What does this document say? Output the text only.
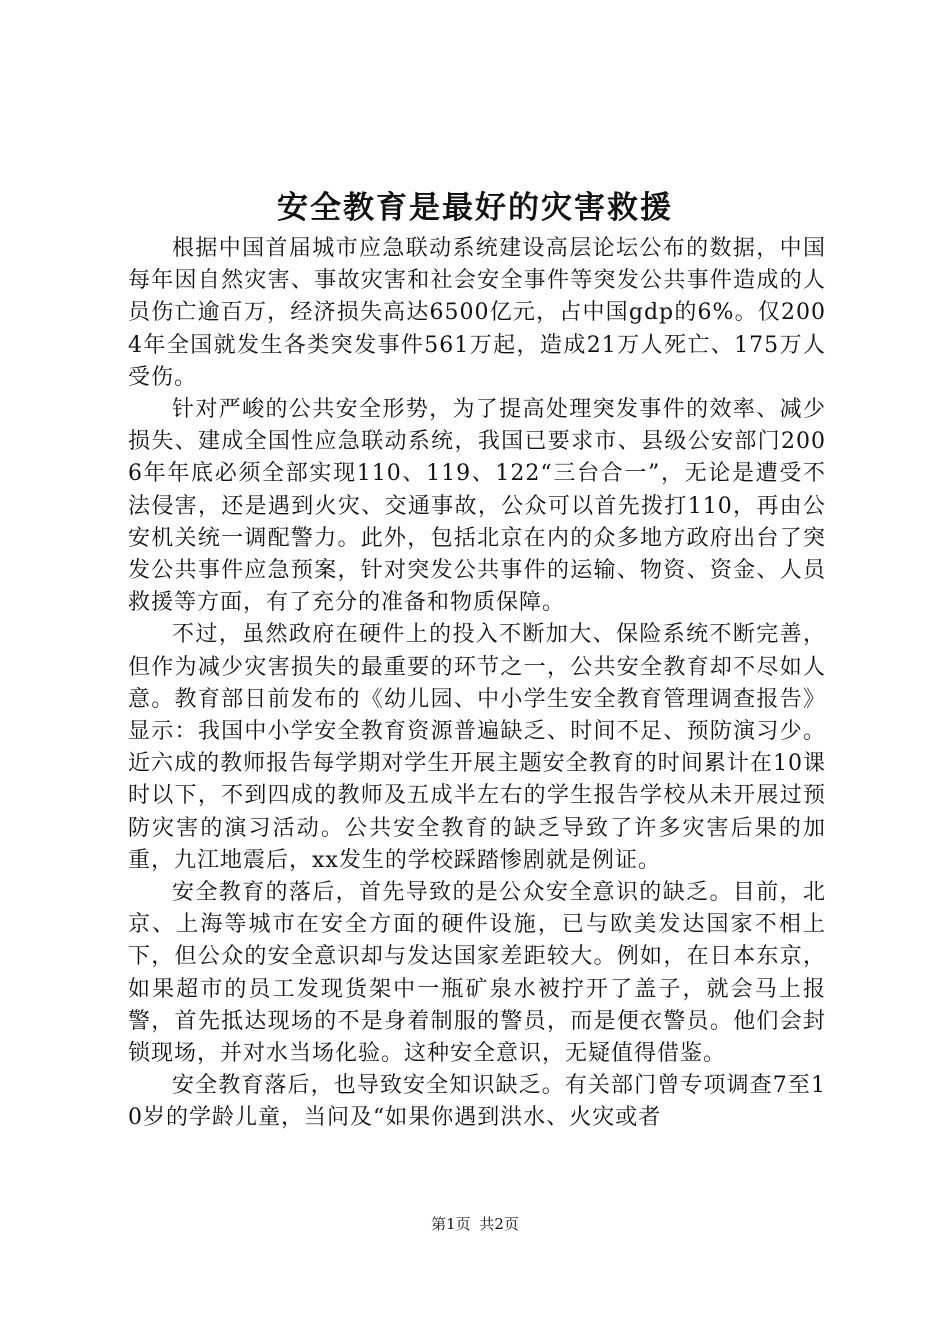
安全教育是最好的灾害救援

根据中国首届城市应急联动系统建设高层论坛公布的数据，中国每年因自然灾害、事故灾害和社会安全事件等突发公共事件造成的人员伤亡逾百万，经济损失高达6500亿元，占中国gdp的6%。仅2004年全国就发生各类突发事件561万起，造成21万人死亡、175万人受伤。

针对严峻的公共安全形势，为了提高处理突发事件的效率、减少损失、建成全国性应急联动系统，我国已要求市、县级公安部门2006年年底必须全部实现110、119、122“三台合一”，无论是遭受不法侵害，还是遇到火灾、交通事故，公众可以首先拨打110，再由公安机关统一调配警力。此外，包括北京在内的众多地方政府出台了突发公共事件应急预案，针对突发公共事件的运输、物资、资金、人员救援等方面，有了充分的准备和物质保障。

不过，虽然政府在硬件上的投入不断加大、保险系统不断完善，但作为减少灾害损失的最重要的环节之一，公共安全教育却不尽如人意。教育部日前发布的《幼儿园、中小学生安全教育管理调查报告》显示：我国中小学安全教育资源普遍缺乏、时间不足、预防演习少。近六成的教师报告每学期对学生开展主题安全教育的时间累计在10课时以下，不到四成的教师及五成半左右的学生报告学校从未开展过预防灾害的演习活动。公共安全教育的缺乏导致了许多灾害后果的加重，九江地震后，xx发生的学校踩踏惨剧就是例证。

安全教育的落后，首先导致的是公众安全意识的缺乏。目前，北京、上海等城市在安全方面的硬件设施，已与欧美发达国家不相上下，但公众的安全意识却与发达国家差距较大。例如，在日本东京，如果超市的员工发现货架中一瓶矿泉水被拧开了盖子，就会马上报警，首先抵达现场的不是身着制服的警员，而是便衣警员。他们会封锁现场，并对水当场化验。这种安全意识，无疑值得借鉴。

安全教育落后，也导致安全知识缺乏。有关部门曾专项调查7至10岁的学龄儿童，当问及“如果你遇到洪水、火灾或者

第1页 共2页
